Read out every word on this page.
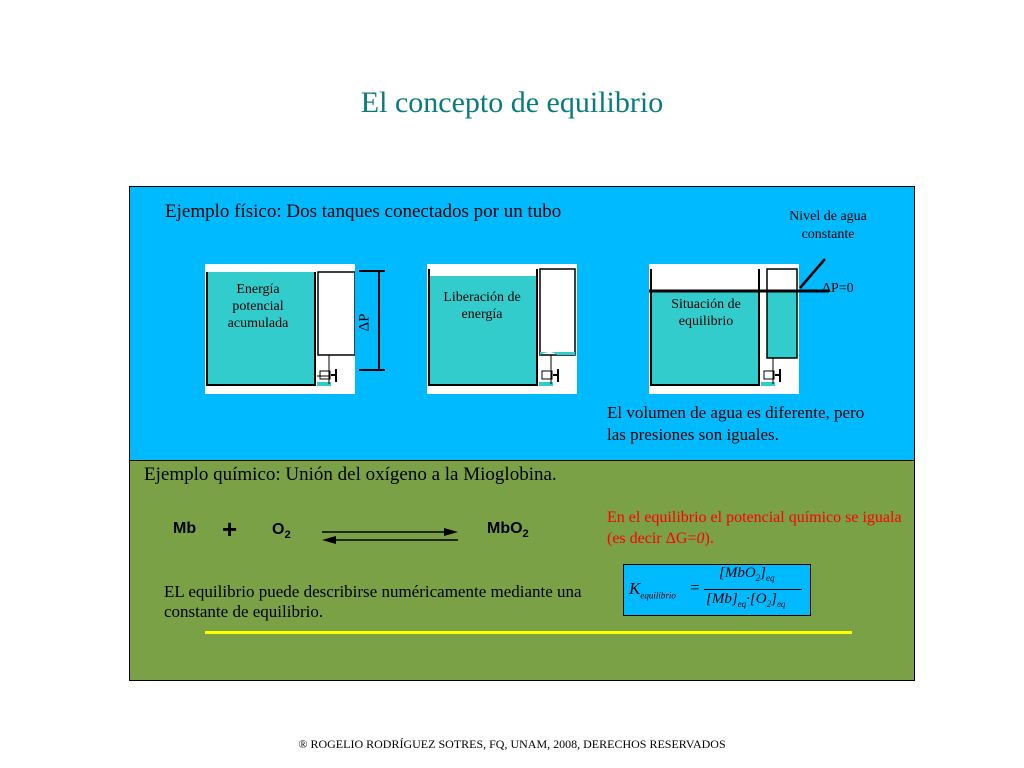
El concepto de equilibrio
Ejemplo físico: Dos tanques conectados por un tubo	Nivel de agua constante
Energía potencial acumulada	ΔP
Liberación de energía
ΔP=0
Situación de equilibrio
El volumen de agua es diferente, pero las presiones son iguales.
Ejemplo químico: Unión del oxígeno a la Mioglobina.
$Mb + O_2$	MbO$_2$
En el equilibrio el potencial químico se iguala (es decir ΔG=0).
EL equilibrio puede describirse numéricamente mediante una constante de equilibrio.
$K_{equilibrio}$ =
$[MbO_2]_{eq}$
$[Mb]_{eq}\cdot[O_2]_{eq}$
® ROGELIO RODRÍGUEZ SOTRES, FQ, UNAM, 2008, DERECHOS RESERVADOS
